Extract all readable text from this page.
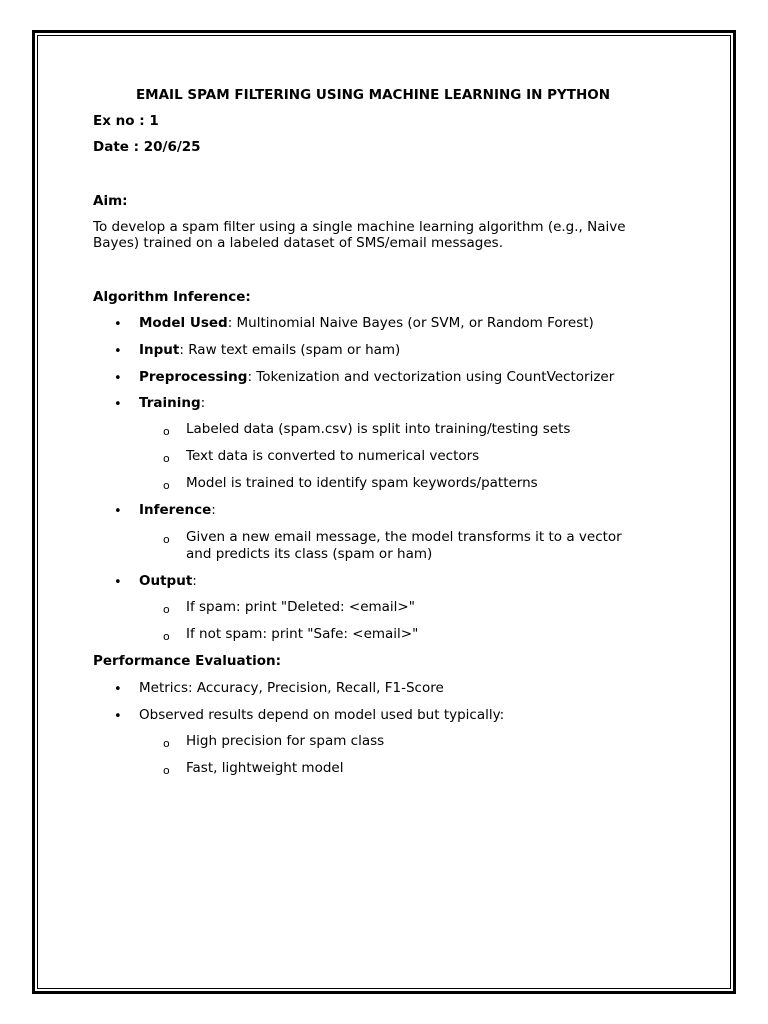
EMAIL SPAM FILTERING USING MACHINE LEARNING IN PYTHON
Ex no : 1
Date : 20/6/25
Aim:
To develop a spam filter using a single machine learning algorithm (e.g., Naive
Bayes) trained on a labeled dataset of SMS/email messages.
Algorithm Inference:
• Model Used: Multinomial Naive Bayes (or SVM, or Random Forest)
• Input: Raw text emails (spam or ham)
• Preprocessing: Tokenization and vectorization using CountVectorizer
• Training:
o Labeled data (spam.csv) is split into training/testing sets
o Text data is converted to numerical vectors
o Model is trained to identify spam keywords/patterns
• Inference:
o Given a new email message, the model transforms it to a vector
and predicts its class (spam or ham)
• Output:
o If spam: print "Deleted: <email>"
o If not spam: print "Safe: <email>"
Performance Evaluation:
• Metrics: Accuracy, Precision, Recall, F1-Score
• Observed results depend on model used but typically:
o High precision for spam class
o Fast, lightweight model
